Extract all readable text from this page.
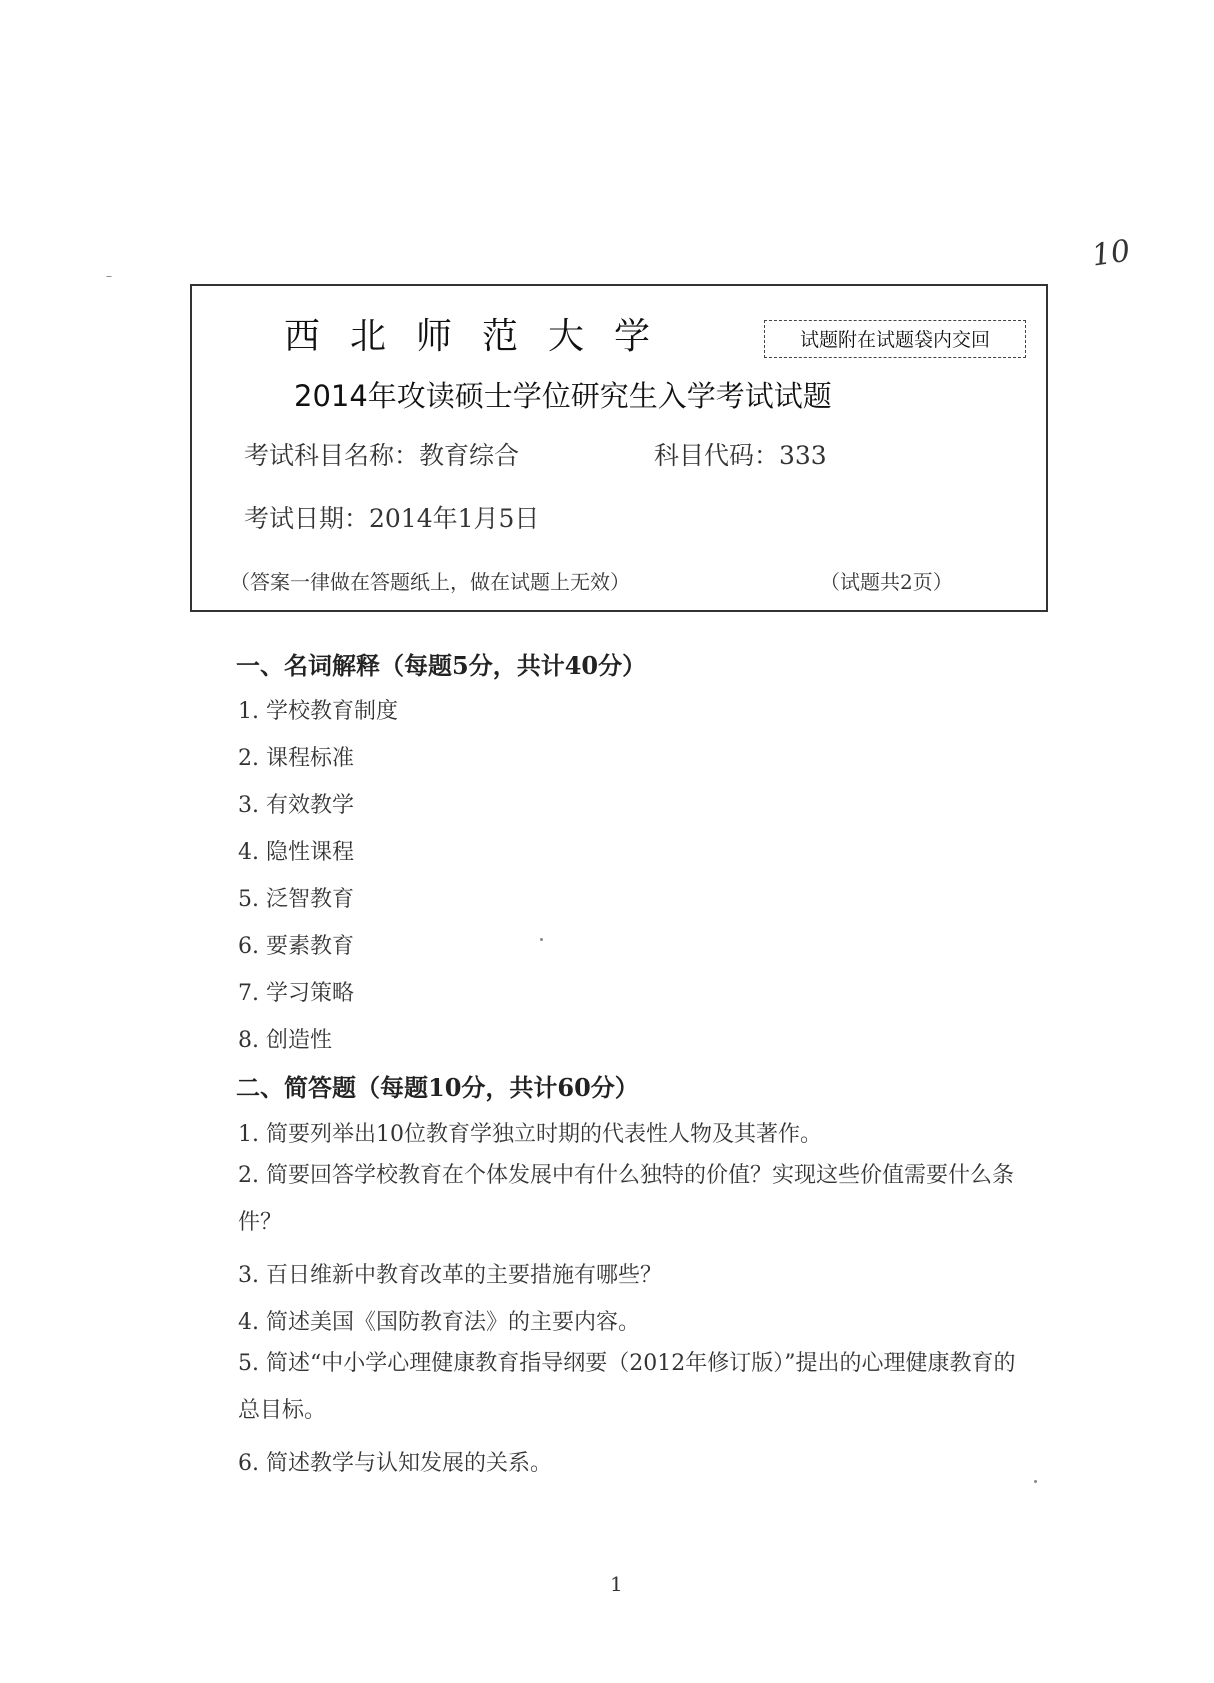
10
西北师范大学	试题附在试题袋内交回
2014年攻读硕士学位研究生入学考试试题
考试科目名称：教育综合	科目代码：333
考试日期：2014年1月5日
（答案一律做在答题纸上，做在试题上无效）	（试题共2页）
一、名词解释（每题5分，共计40分）
1. 学校教育制度
2. 课程标准
3. 有效教学
4. 隐性课程
5. 泛智教育
6. 要素教育
7. 学习策略
8. 创造性
二、简答题（每题10分，共计60分）
1. 简要列举出10位教育学独立时期的代表性人物及其著作。
2. 简要回答学校教育在个体发展中有什么独特的价值？实现这些价值需要什么条件？
3. 百日维新中教育改革的主要措施有哪些？
4. 简述美国《国防教育法》的主要内容。
5. 简述“中小学心理健康教育指导纲要（2012年修订版）”提出的心理健康教育的总目标。
6. 简述教学与认知发展的关系。
1
